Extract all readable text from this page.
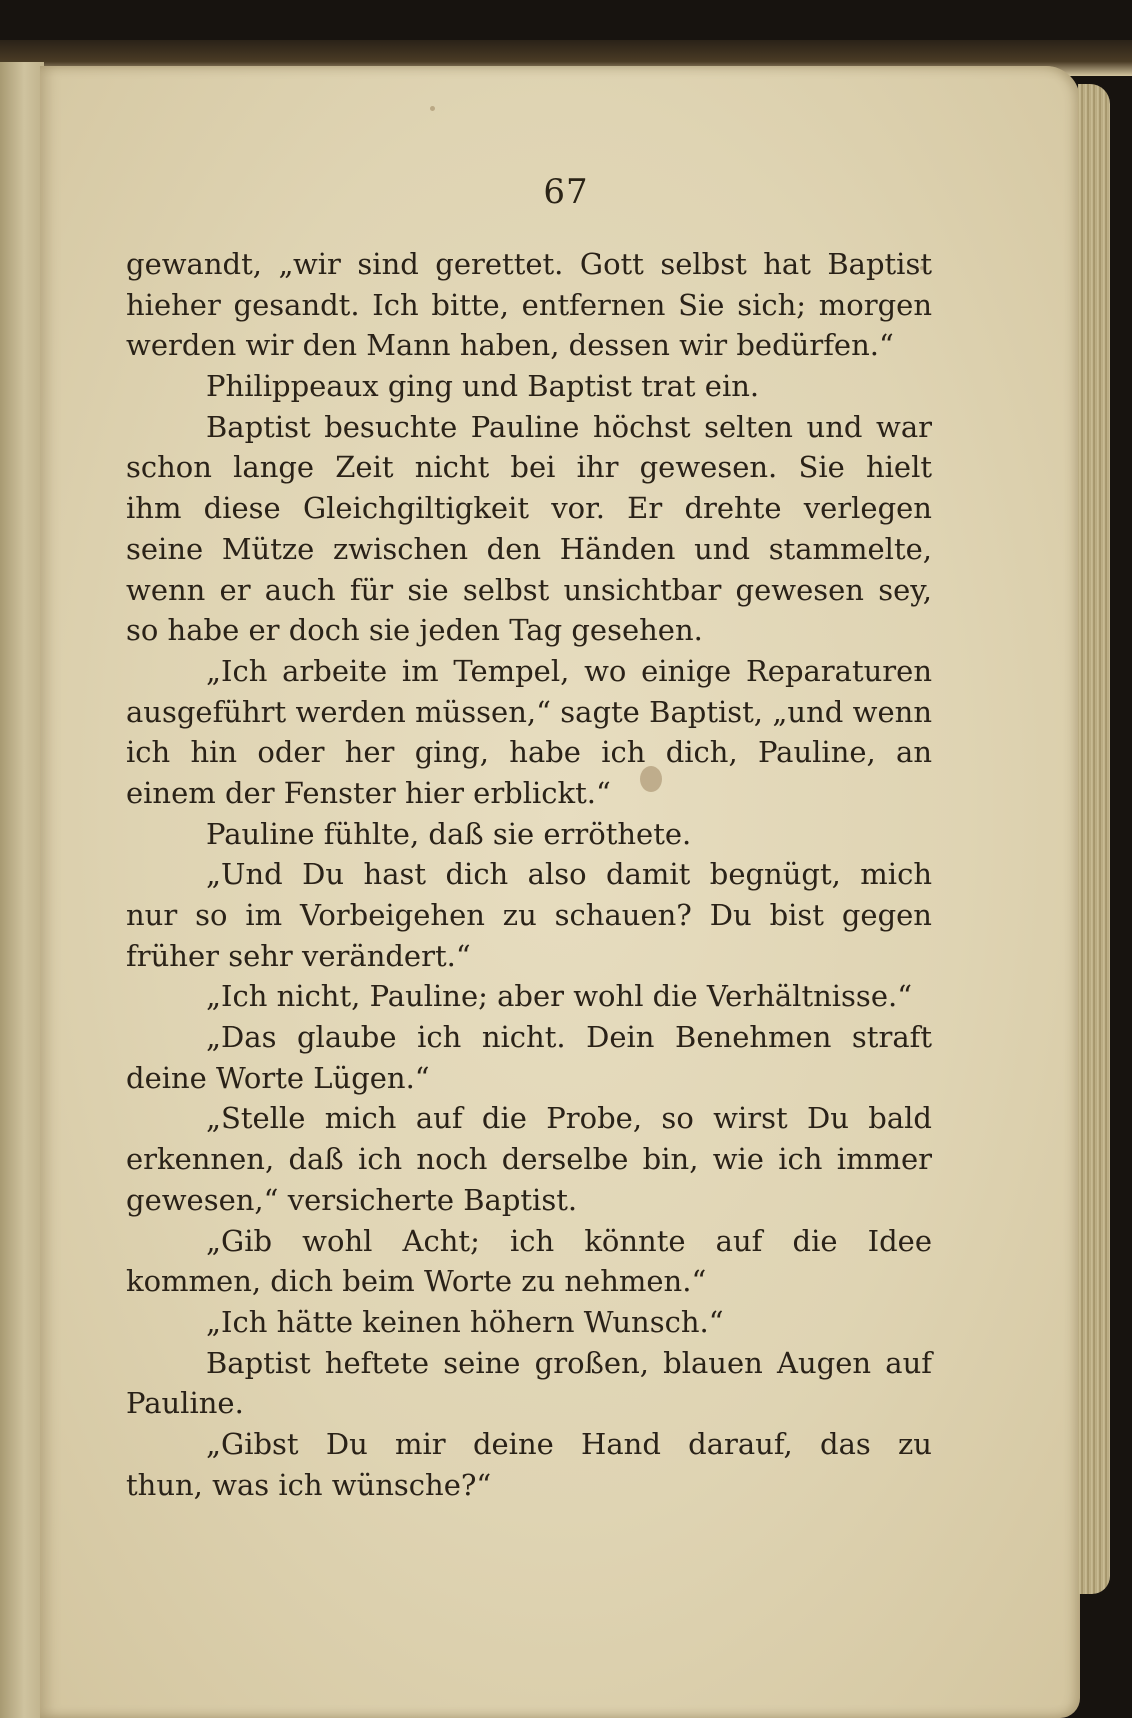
67
gewandt, „wir sind gerettet. Gott selbst hat Baptist
hieher gesandt. Ich bitte, entfernen Sie sich; morgen
werden wir den Mann haben, dessen wir bedürfen.“
Philippeaux ging und Baptist trat ein.
Baptist besuchte Pauline höchst selten und war
schon lange Zeit nicht bei ihr gewesen. Sie hielt
ihm diese Gleichgiltigkeit vor. Er drehte verlegen
seine Mütze zwischen den Händen und stammelte,
wenn er auch für sie selbst unsichtbar gewesen sey,
so habe er doch sie jeden Tag gesehen.
„Ich arbeite im Tempel, wo einige Reparaturen
ausgeführt werden müssen,“ sagte Baptist, „und wenn
ich hin oder her ging, habe ich dich, Pauline, an
einem der Fenster hier erblickt.“
Pauline fühlte, daß sie erröthete.
„Und Du hast dich also damit begnügt, mich
nur so im Vorbeigehen zu schauen? Du bist gegen
früher sehr verändert.“
„Ich nicht, Pauline; aber wohl die Verhältnisse.“
„Das glaube ich nicht. Dein Benehmen straft
deine Worte Lügen.“
„Stelle mich auf die Probe, so wirst Du bald
erkennen, daß ich noch derselbe bin, wie ich immer
gewesen,“ versicherte Baptist.
„Gib wohl Acht; ich könnte auf die Idee
kommen, dich beim Worte zu nehmen.“
„Ich hätte keinen höhern Wunsch.“
Baptist heftete seine großen, blauen Augen auf
Pauline.
„Gibst Du mir deine Hand darauf, das zu
thun, was ich wünsche?“
